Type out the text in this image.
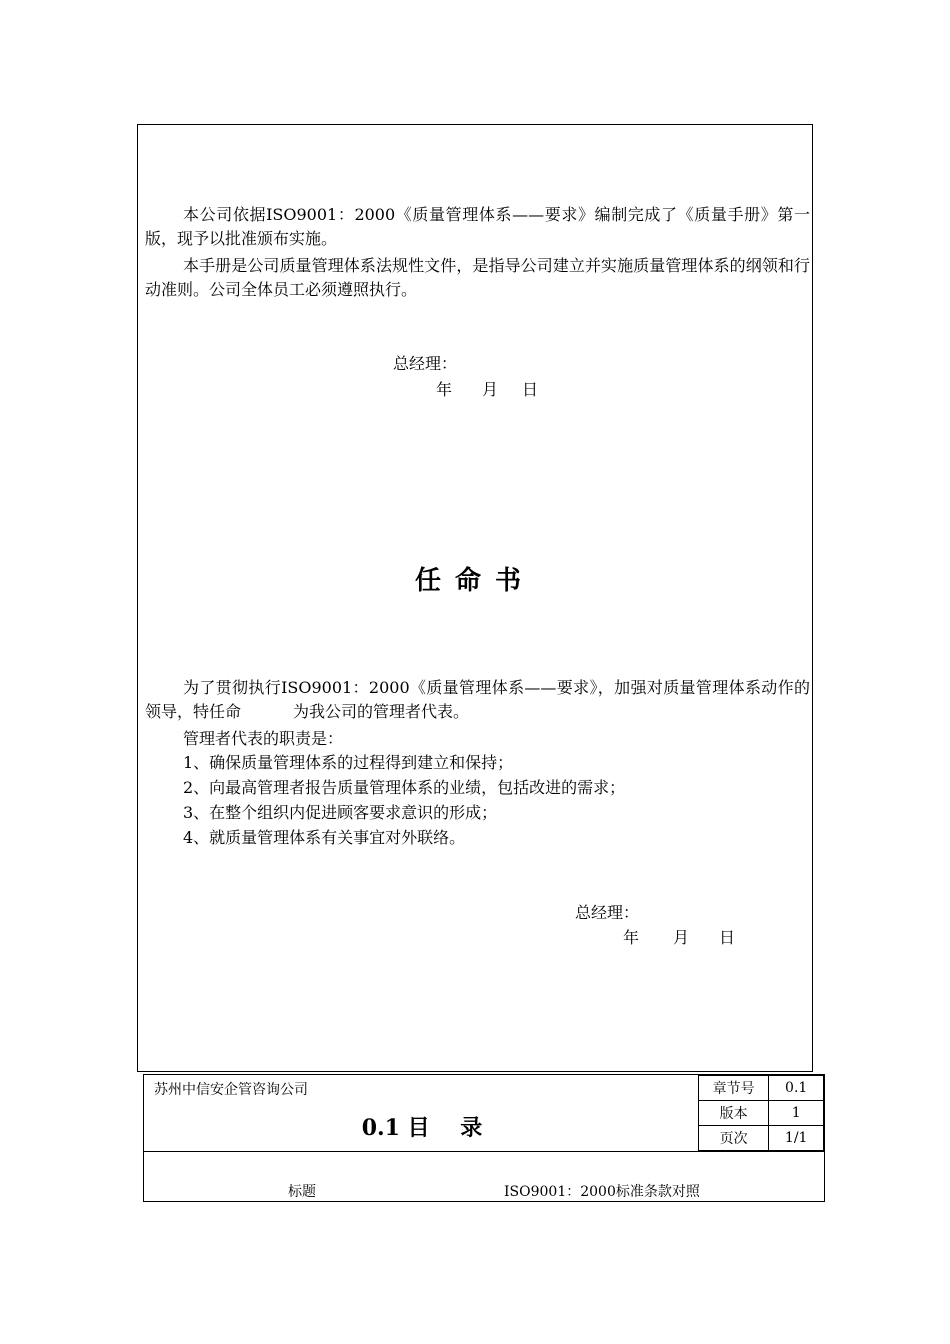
本公司依据ISO9001：2000《质量管理体系——要求》编制完成了《质量手册》第一版，现予以批准颁布实施。

本手册是公司质量管理体系法规性文件，是指导公司建立并实施质量管理体系的纲领和行动准则。公司全体员工必须遵照执行。

总经理：
年 月 日
任命书

为了贯彻执行ISO9001：2000《质量管理体系——要求》，加强对质量管理体系动作的领导，特任命	为我公司的管理者代表。

管理者代表的职责是：
1、确保质量管理体系的过程得到建立和保持；
2、向最高管理者报告质量管理体系的业绩，包括改进的需求；
3、在整个组织内促进顾客要求意识的形成；
4、就质量管理体系有关事宜对外联络。
总经理：
年 月 日
苏州中信安企管咨询公司
0.1 目    录
章节号	0.1
版本	1
页次	1/1
标题	ISO9001：2000标准条款对照
